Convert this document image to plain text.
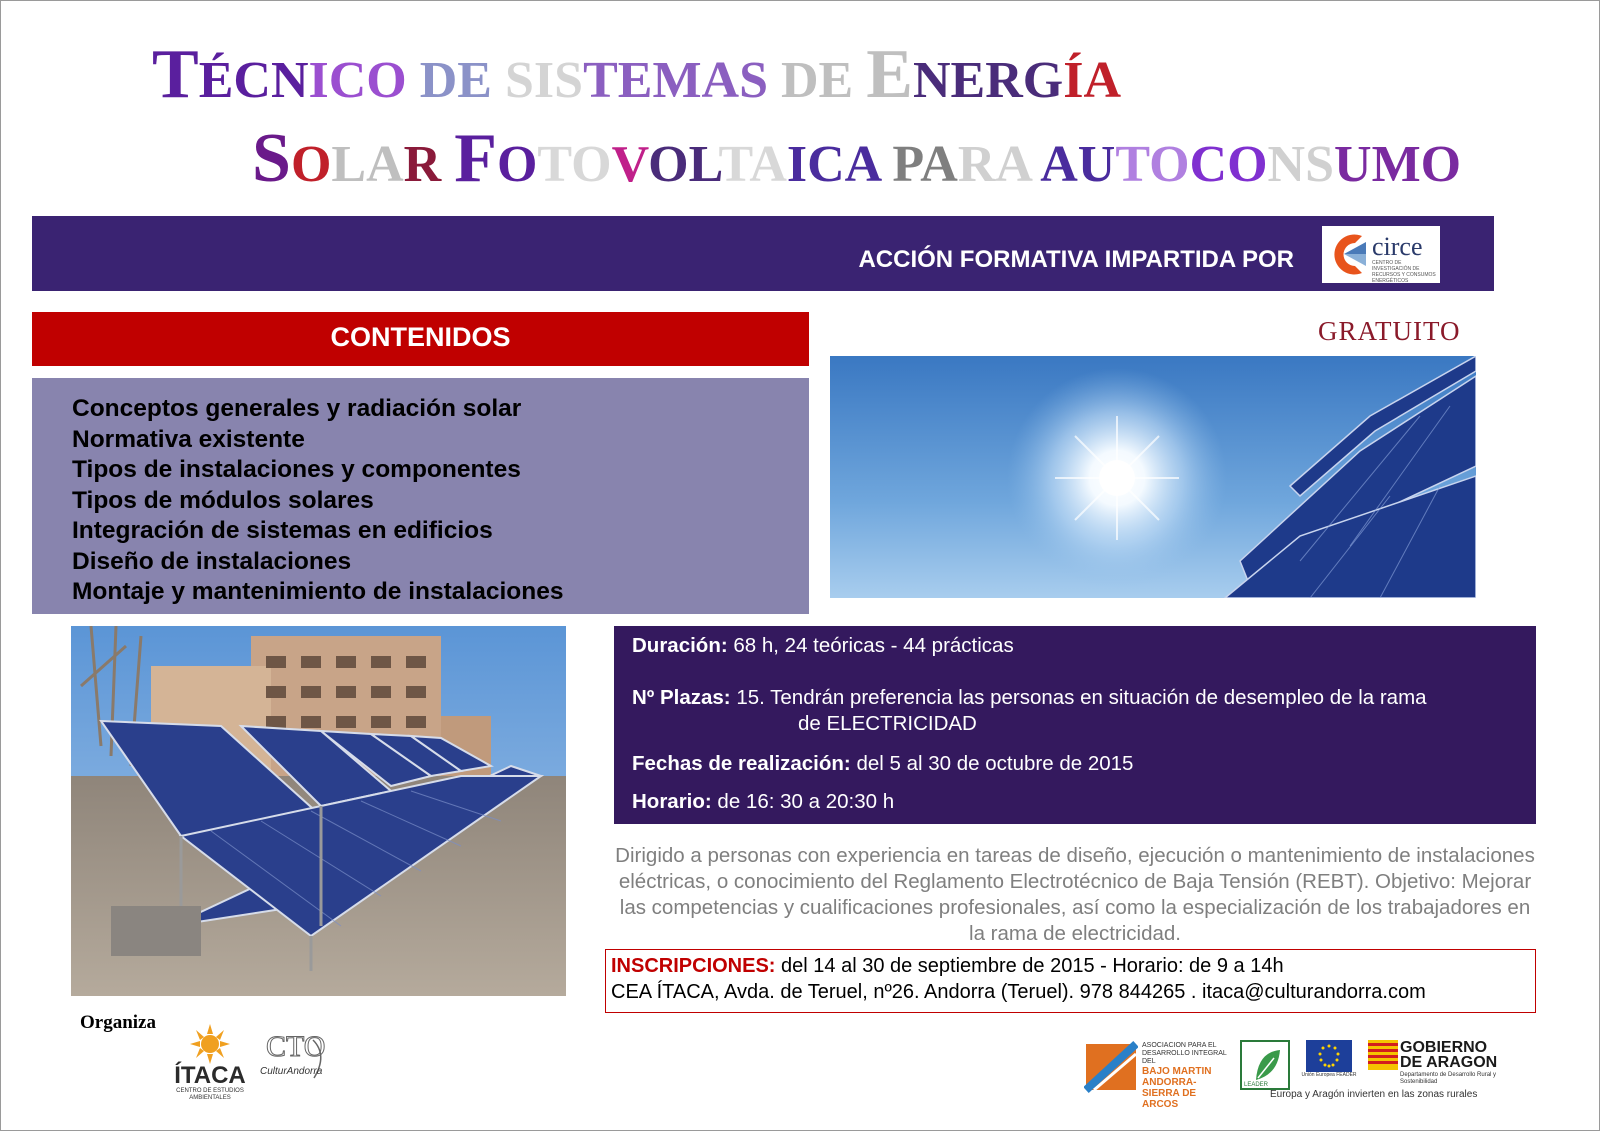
TÉCNICO DE SISTEMAS DE ENERGÍA
SOLAR FOTOVOLTAICA PARA AUTOCONSUMO
ACCIÓN FORMATIVA IMPARTIDA POR	circe
CENTRO DE INVESTIGACIÓN DE RECURSOS Y CONSUMOS ENERGÉTICOS
CONTENIDOS
Conceptos generales y radiación solar
Normativa existente
Tipos de instalaciones y componentes
Tipos de módulos solares
Integración de sistemas en edificios
Diseño de instalaciones
Montaje y mantenimiento de instalaciones
GRATUITO
Duración: 68 h, 24 teóricas - 44 prácticas
Nº Plazas: 15. Tendrán preferencia las personas en situación de desempleo de la rama
de ELECTRICIDAD
Fechas de realización: del 5 al 30 de octubre de 2015
Horario: de 16: 30 a 20:30 h
Dirigido a personas con experiencia en tareas de diseño, ejecución o mantenimiento de instalaciones eléctricas, o conocimiento del Reglamento Electrotécnico de Baja Tensión (REBT). Objetivo: Mejorar las competencias y cualificaciones profesionales, así como la especialización de los trabajadores en la rama de electricidad.
INSCRIPCIONES: del 14 al 30 de septiembre de 2015 - Horario: de 9 a 14h
CEA ÍTACA, Avda. de Teruel, nº26. Andorra (Teruel). 978 844265 . itaca@culturandorra.com
Organiza
ÍTACA
CENTRO DE ESTUDIOS AMBIENTALES
CTO
CulturAndorra
ASOCIACION PARA EL DESARROLLO INTEGRAL DEL
BAJO MARTIN ANDORRA-SIERRA DE ARCOS
LEADER
Unión Europea FEADER
GOBIERNO DE ARAGON
Departamento de Desarrollo Rural y Sostenibilidad
Europa y Aragón invierten en las zonas rurales
